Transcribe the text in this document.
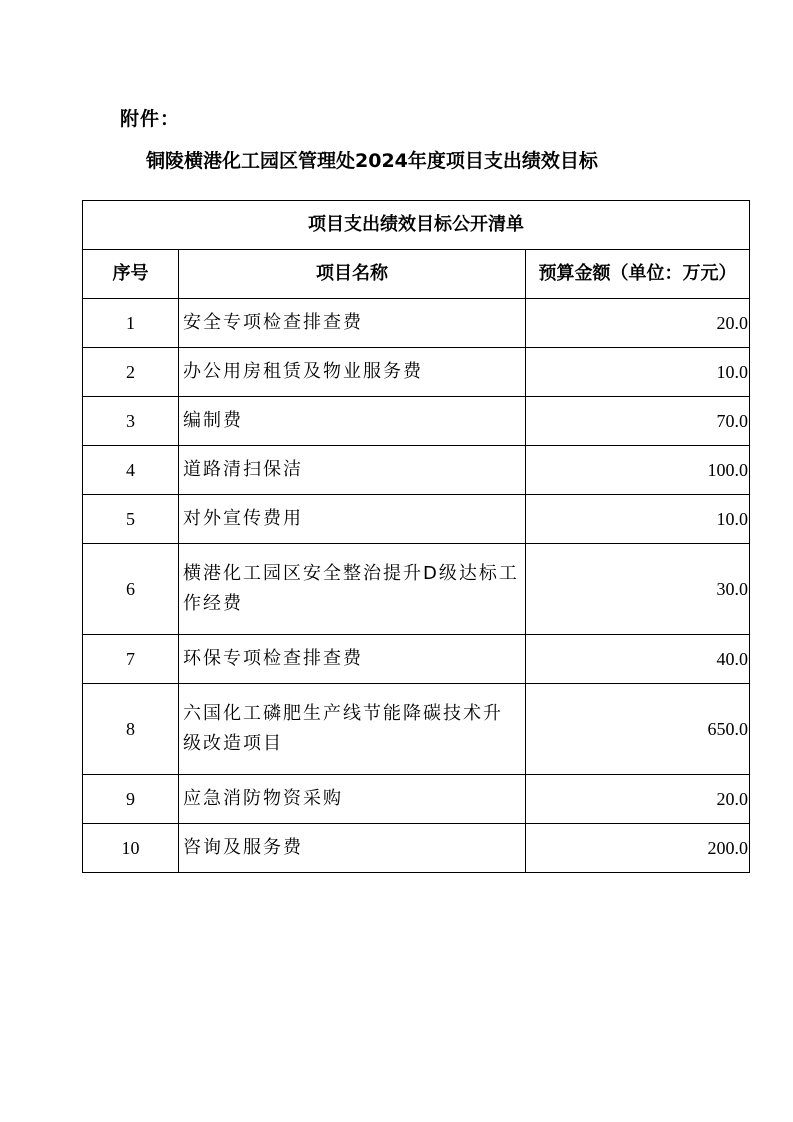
附件：
铜陵横港化工园区管理处2024年度项目支出绩效目标
项目支出绩效目标公开清单		
序号	项目名称	预算金额（单位：万元）
1	安全专项检查排查费	20.0
2	办公用房租赁及物业服务费	10.0
3	编制费	70.0
4	道路清扫保洁	100.0
5	对外宣传费用	10.0
6	横港化工园区安全整治提升D级达标工作经费	30.0
7	环保专项检查排查费	40.0
8	六国化工磷肥生产线节能降碳技术升级改造项目	650.0
9	应急消防物资采购	20.0
10	咨询及服务费	200.0
